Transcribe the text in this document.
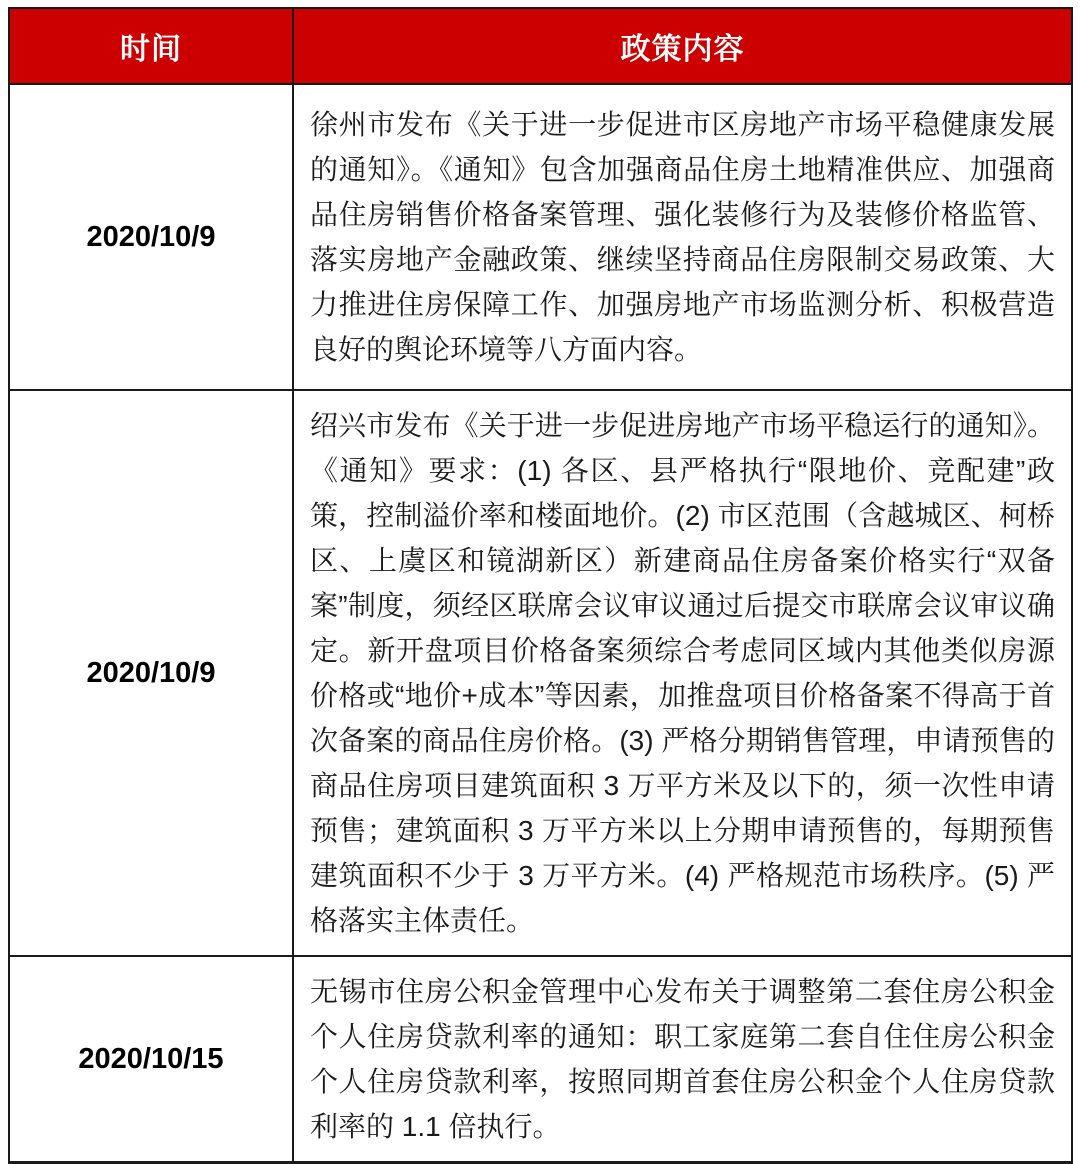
时间	政策内容
2020/10/9	徐州市发布《关于进一步促进市区房地产市场平稳健康发展的通知》。《通知》包含加强商品住房土地精准供应、加强商品住房销售价格备案管理、强化装修行为及装修价格监管、落实房地产金融政策、继续坚持商品住房限制交易政策、大力推进住房保障工作、加强房地产市场监测分析、积极营造良好的舆论环境等八方面内容。
2020/10/9	绍兴市发布《关于进一步促进房地产市场平稳运行的通知》。《通知》要求：(1) 各区、县严格执行“限地价、竞配建”政策，控制溢价率和楼面地价。(2) 市区范围（含越城区、柯桥区、上虞区和镜湖新区）新建商品住房备案价格实行“双备案”制度，须经区联席会议审议通过后提交市联席会议审议确定。新开盘项目价格备案须综合考虑同区域内其他类似房源价格或“地价+成本”等因素，加推盘项目价格备案不得高于首次备案的商品住房价格。(3) 严格分期销售管理，申请预售的商品住房项目建筑面积 3 万平方米及以下的，须一次性申请预售；建筑面积 3 万平方米以上分期申请预售的，每期预售建筑面积不少于 3 万平方米。(4) 严格规范市场秩序。(5) 严格落实主体责任。
2020/10/15	无锡市住房公积金管理中心发布关于调整第二套住房公积金个人住房贷款利率的通知：职工家庭第二套自住住房公积金个人住房贷款利率，按照同期首套住房公积金个人住房贷款利率的 1.1 倍执行。
